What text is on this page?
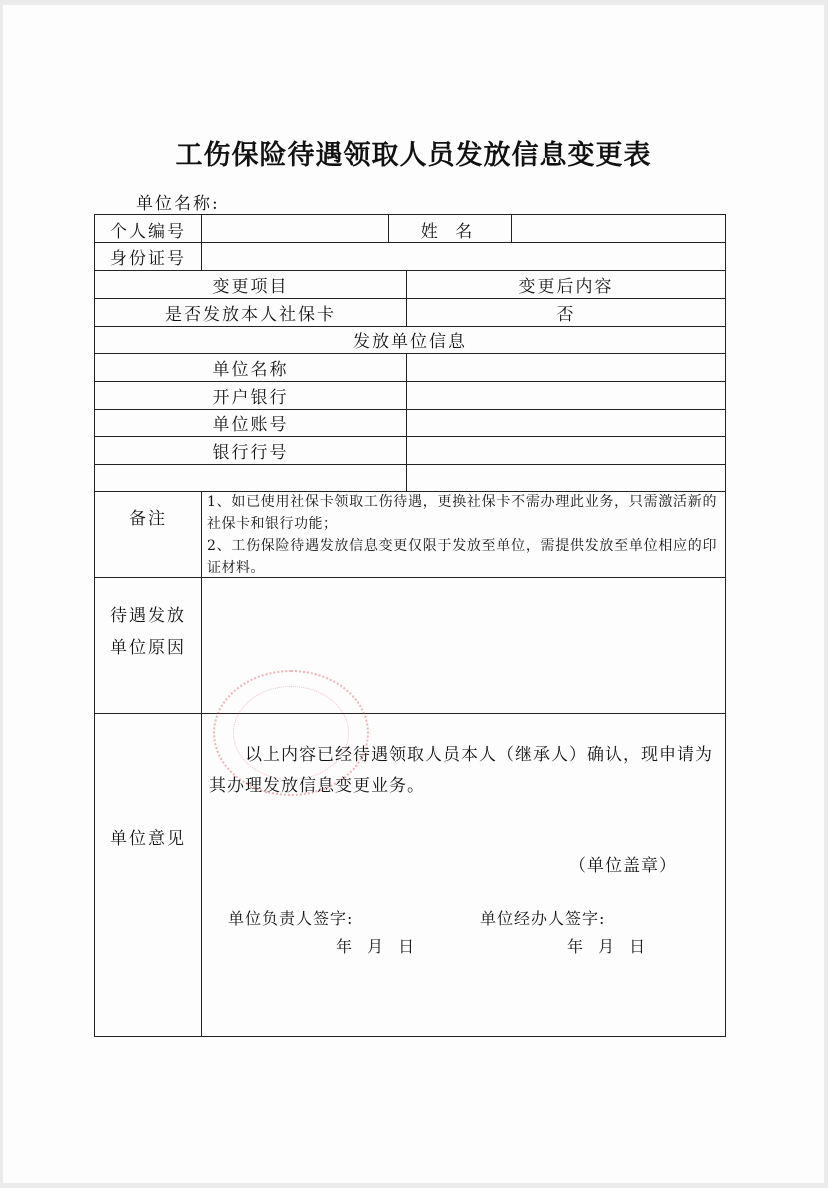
工伤保险待遇领取人员发放信息变更表
单位名称:
个人编号	姓 名
身份证号
变更项目	变更后内容
是否发放本人社保卡	否
发放单位信息
单位名称
开户银行
单位账号
银行行号
备注
1、如已使用社保卡领取工伤待遇，更换社保卡不需办理此业务，只需激活新的社保卡和银行功能；
2、工伤保险待遇发放信息变更仅限于发放至单位，需提供发放至单位相应的印证材料。
待遇发放
单位原因
单位意见
以上内容已经待遇领取人员本人（继承人）确认，现申请为其办理发放信息变更业务。
（单位盖章）
单位负责人签字:	单位经办人签字:
年 月 日	年 月 日
